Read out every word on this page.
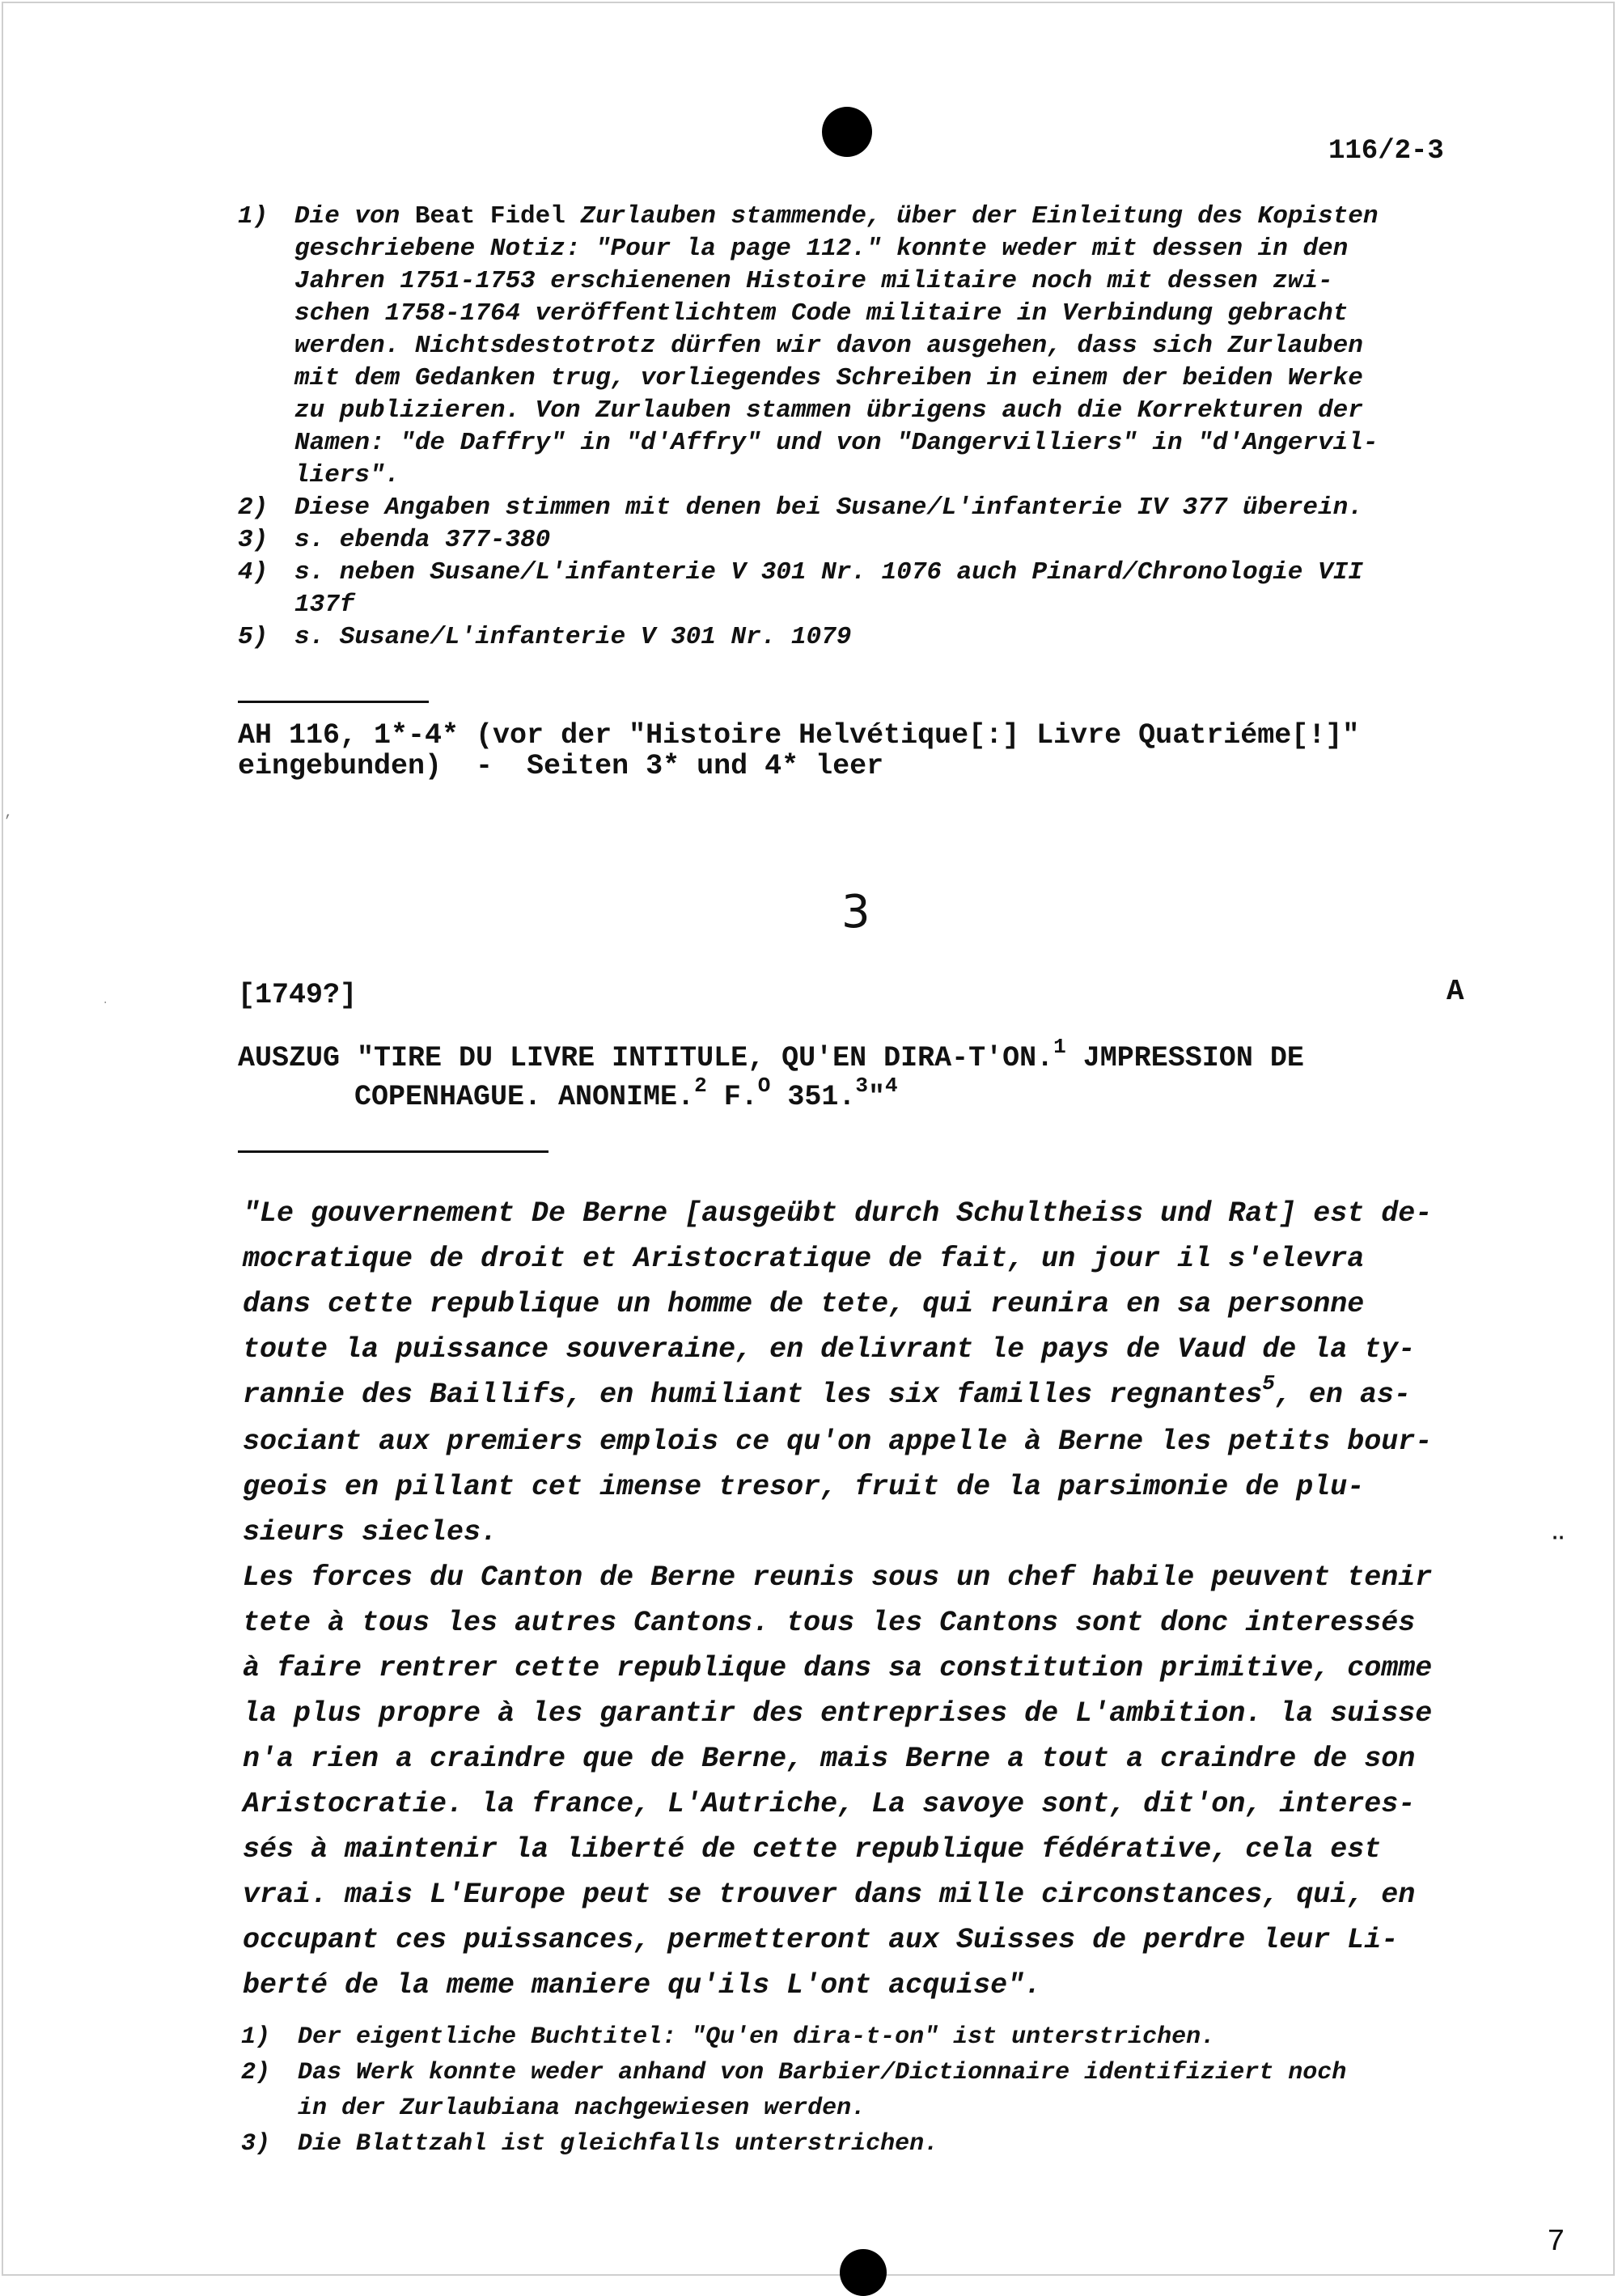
116/2-3
1) Die von Beat Fidel Zurlauben stammende, über der Einleitung des Kopisten
geschriebene Notiz: "Pour la page 112." konnte weder mit dessen in den
Jahren 1751-1753 erschienenen Histoire militaire noch mit dessen zwi-
schen 1758-1764 veröffentlichtem Code militaire in Verbindung gebracht
werden. Nichtsdestotrotz dürfen wir davon ausgehen, dass sich Zurlauben
mit dem Gedanken trug, vorliegendes Schreiben in einem der beiden Werke
zu publizieren. Von Zurlauben stammen übrigens auch die Korrekturen der
Namen: "de Daffry" in "d'Affry" und von "Dangervilliers" in "d'Angervil-
liers".
2) Diese Angaben stimmen mit denen bei Susane/L'infanterie IV 377 überein.
3) s. ebenda 377-380
4) s. neben Susane/L'infanterie V 301 Nr. 1076 auch Pinard/Chronologie VII
137f
5) s. Susane/L'infanterie V 301 Nr. 1079
AH 116, 1*-4* (vor der "Histoire Helvétique[:] Livre Quatriéme[!]"
eingebunden)  -  Seiten 3* und 4* leer
3
[1749?]	A
AUSZUG "TIRE DU LIVRE INTITULE, QU'EN DIRA-T'ON.$^1$ JMPRESSION DE
COPENHAGUE. ANONIME.$^2$ F.$^O$ 351.$^3$"$^4$
"Le gouvernement De Berne [ausgeübt durch Schultheiss und Rat] est de-
mocratique de droit et Aristocratique de fait, un jour il s'elevra
dans cette republique un homme de tete, qui reunira en sa personne
toute la puissance souveraine, en delivrant le pays de Vaud de la ty-
rannie des Baillifs, en humiliant les six familles regnantes$^5$, en as-
sociant aux premiers emplois ce qu'on appelle à Berne les petits bour-
geois en pillant cet imense tresor, fruit de la parsimonie de plu-
sieurs siecles.
Les forces du Canton de Berne reunis sous un chef habile peuvent tenir
tete à tous les autres Cantons. tous les Cantons sont donc interessés
à faire rentrer cette republique dans sa constitution primitive, comme
la plus propre à les garantir des entreprises de L'ambition. la suisse
n'a rien a craindre que de Berne, mais Berne a tout a craindre de son
Aristocratie. la france, L'Autriche, La savoye sont, dit'on, interes-
sés à maintenir la liberté de cette republique fédérative, cela est
vrai. mais L'Europe peut se trouver dans mille circonstances, qui, en
occupant ces puissances, permetteront aux Suisses de perdre leur Li-
berté de la meme maniere qu'ils L'ont acquise".
1) Der eigentliche Buchtitel: "Qu'en dira-t-on" ist unterstrichen.
2) Das Werk konnte weder anhand von Barbier/Dictionnaire identifiziert noch
in der Zurlaubiana nachgewiesen werden.
3) Die Blattzahl ist gleichfalls unterstrichen.
․․
’
·
7
